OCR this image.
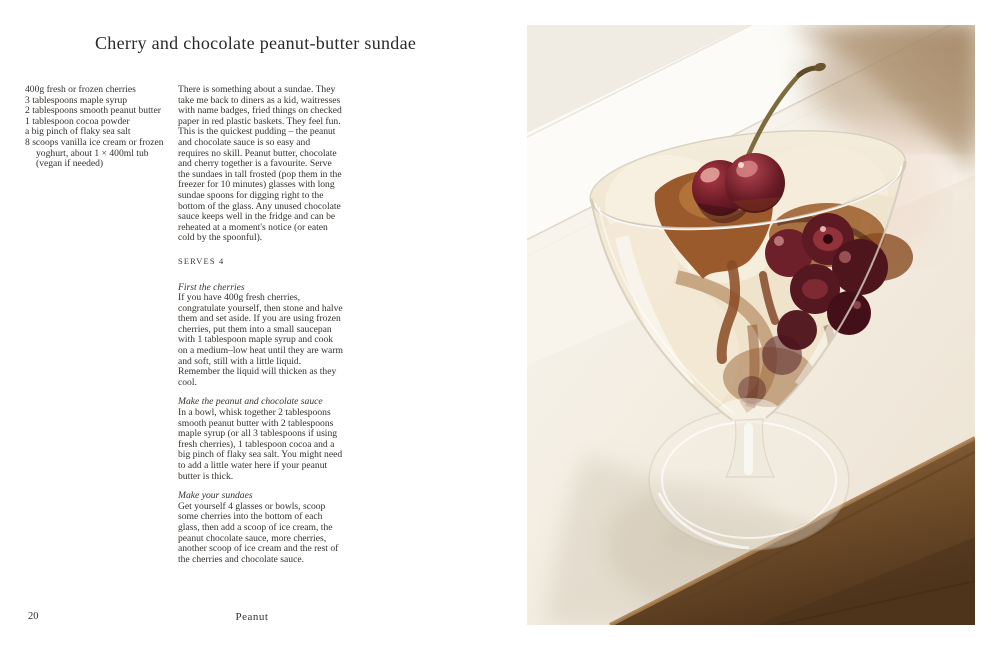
Cherry and chocolate peanut-butter sundae
400g fresh or frozen cherries
3 tablespoons maple syrup
2 tablespoons smooth peanut butter
1 tablespoon cocoa powder
a big pinch of flaky sea salt
8 scoops vanilla ice cream or frozen yoghurt, about 1 × 400ml tub (vegan if needed)

There is something about a sundae. They take me back to diners as a kid, waitresses with name badges, fried things on checked paper in red plastic baskets. They feel fun. This is the quickest pudding – the peanut and chocolate sauce is so easy and requires no skill. Peanut butter, chocolate and cherry together is a favourite. Serve the sundaes in tall frosted (pop them in the freezer for 10 minutes) glasses with long sundae spoons for digging right to the bottom of the glass. Any unused chocolate sauce keeps well in the fridge and can be reheated at a moment's notice (or eaten cold by the spoonful).

SERVES 4

First the cherries

If you have 400g fresh cherries, congratulate yourself, then stone and halve them and set aside. If you are using frozen cherries, put them into a small saucepan with 1 tablespoon maple syrup and cook on a medium–low heat until they are warm and soft, still with a little liquid. Remember the liquid will thicken as they cool.

Make the peanut and chocolate sauce

In a bowl, whisk together 2 tablespoons smooth peanut butter with 2 tablespoons maple syrup (or all 3 tablespoons if using fresh cherries), 1 tablespoon cocoa and a big pinch of flaky sea salt. You might need to add a little water here if your peanut butter is thick.

Make your sundaes

Get yourself 4 glasses or bowls, scoop some cherries into the bottom of each glass, then add a scoop of ice cream, the peanut chocolate sauce, more cherries, another scoop of ice cream and the rest of the cherries and chocolate sauce.

20	Peanut
